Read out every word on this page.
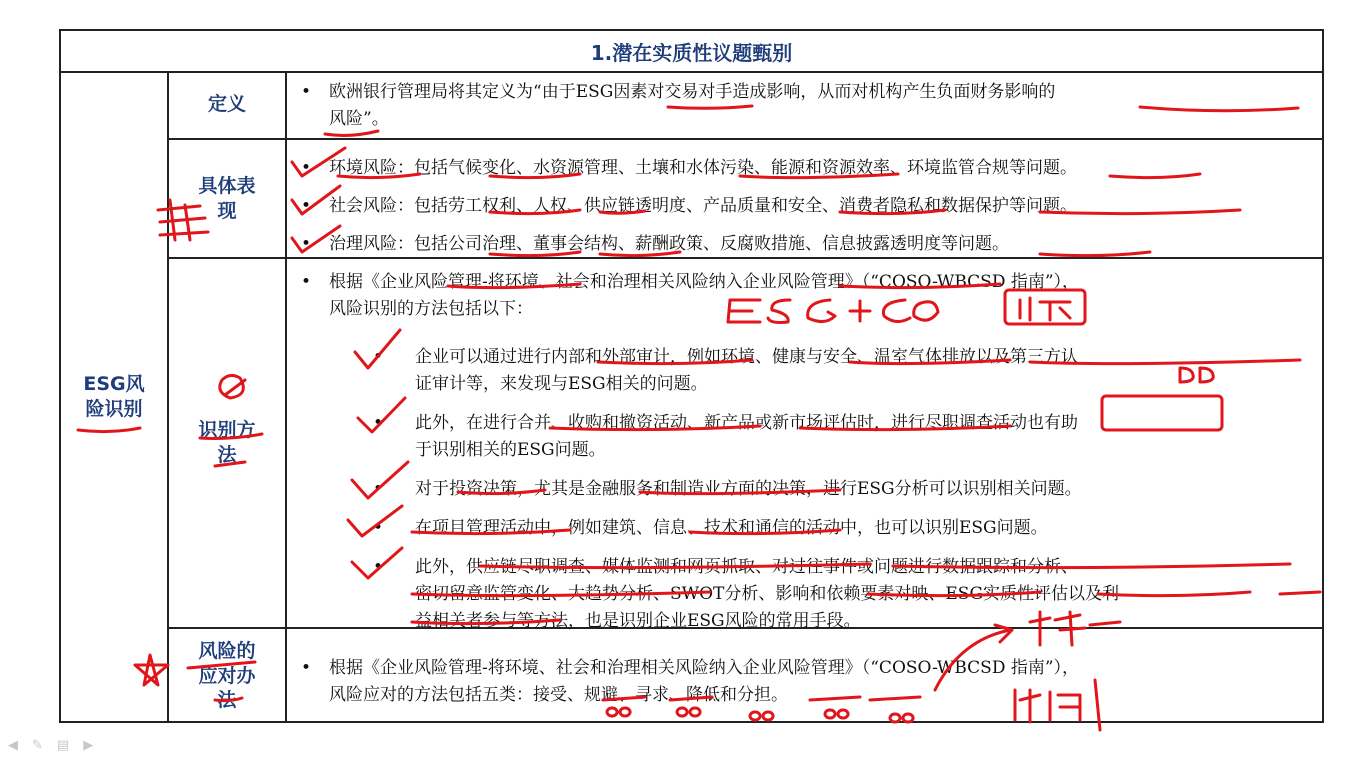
1.潜在实质性议题甄别
ESG风险识别
定义
具体表现
识别方法
风险的应对办法
• 欧洲银行管理局将其定义为“由于ESG因素对交易对手造成影响，从而对机构产生负面财务影响的
风险”。
• 环境风险：包括气候变化、水资源管理、土壤和水体污染、能源和资源效率、环境监管合规等问题。
• 社会风险：包括劳工权利、人权、供应链透明度、产品质量和安全、消费者隐私和数据保护等问题。
• 治理风险：包括公司治理、董事会结构、薪酬政策、反腐败措施、信息披露透明度等问题。
• 根据《企业风险管理-将环境、社会和治理相关风险纳入企业风险管理》（“COSO-WBCSD 指南”），
风险识别的方法包括以下：
• 企业可以通过进行内部和外部审计，例如环境、健康与安全、温室气体排放以及第三方认
证审计等，来发现与ESG相关的问题。
• 此外，在进行合并、收购和撤资活动、新产品或新市场评估时，进行尽职调查活动也有助
于识别相关的ESG问题。
• 对于投资决策，尤其是金融服务和制造业方面的决策，进行ESG分析可以识别相关问题。
• 在项目管理活动中，例如建筑、信息、技术和通信的活动中，也可以识别ESG问题。
• 此外，供应链尽职调查、媒体监测和网页抓取、对过往事件或问题进行数据跟踪和分析、
密切留意监管变化、大趋势分析、SWOT分析、影响和依赖要素对映、ESG实质性评估以及利
益相关者参与等方法，也是识别企业ESG风险的常用手段。
• 根据《企业风险管理-将环境、社会和治理相关风险纳入企业风险管理》（“COSO-WBCSD 指南”），
风险应对的方法包括五类：接受、规避、寻求、降低和分担。
◀ ✎ ▤ ▶
